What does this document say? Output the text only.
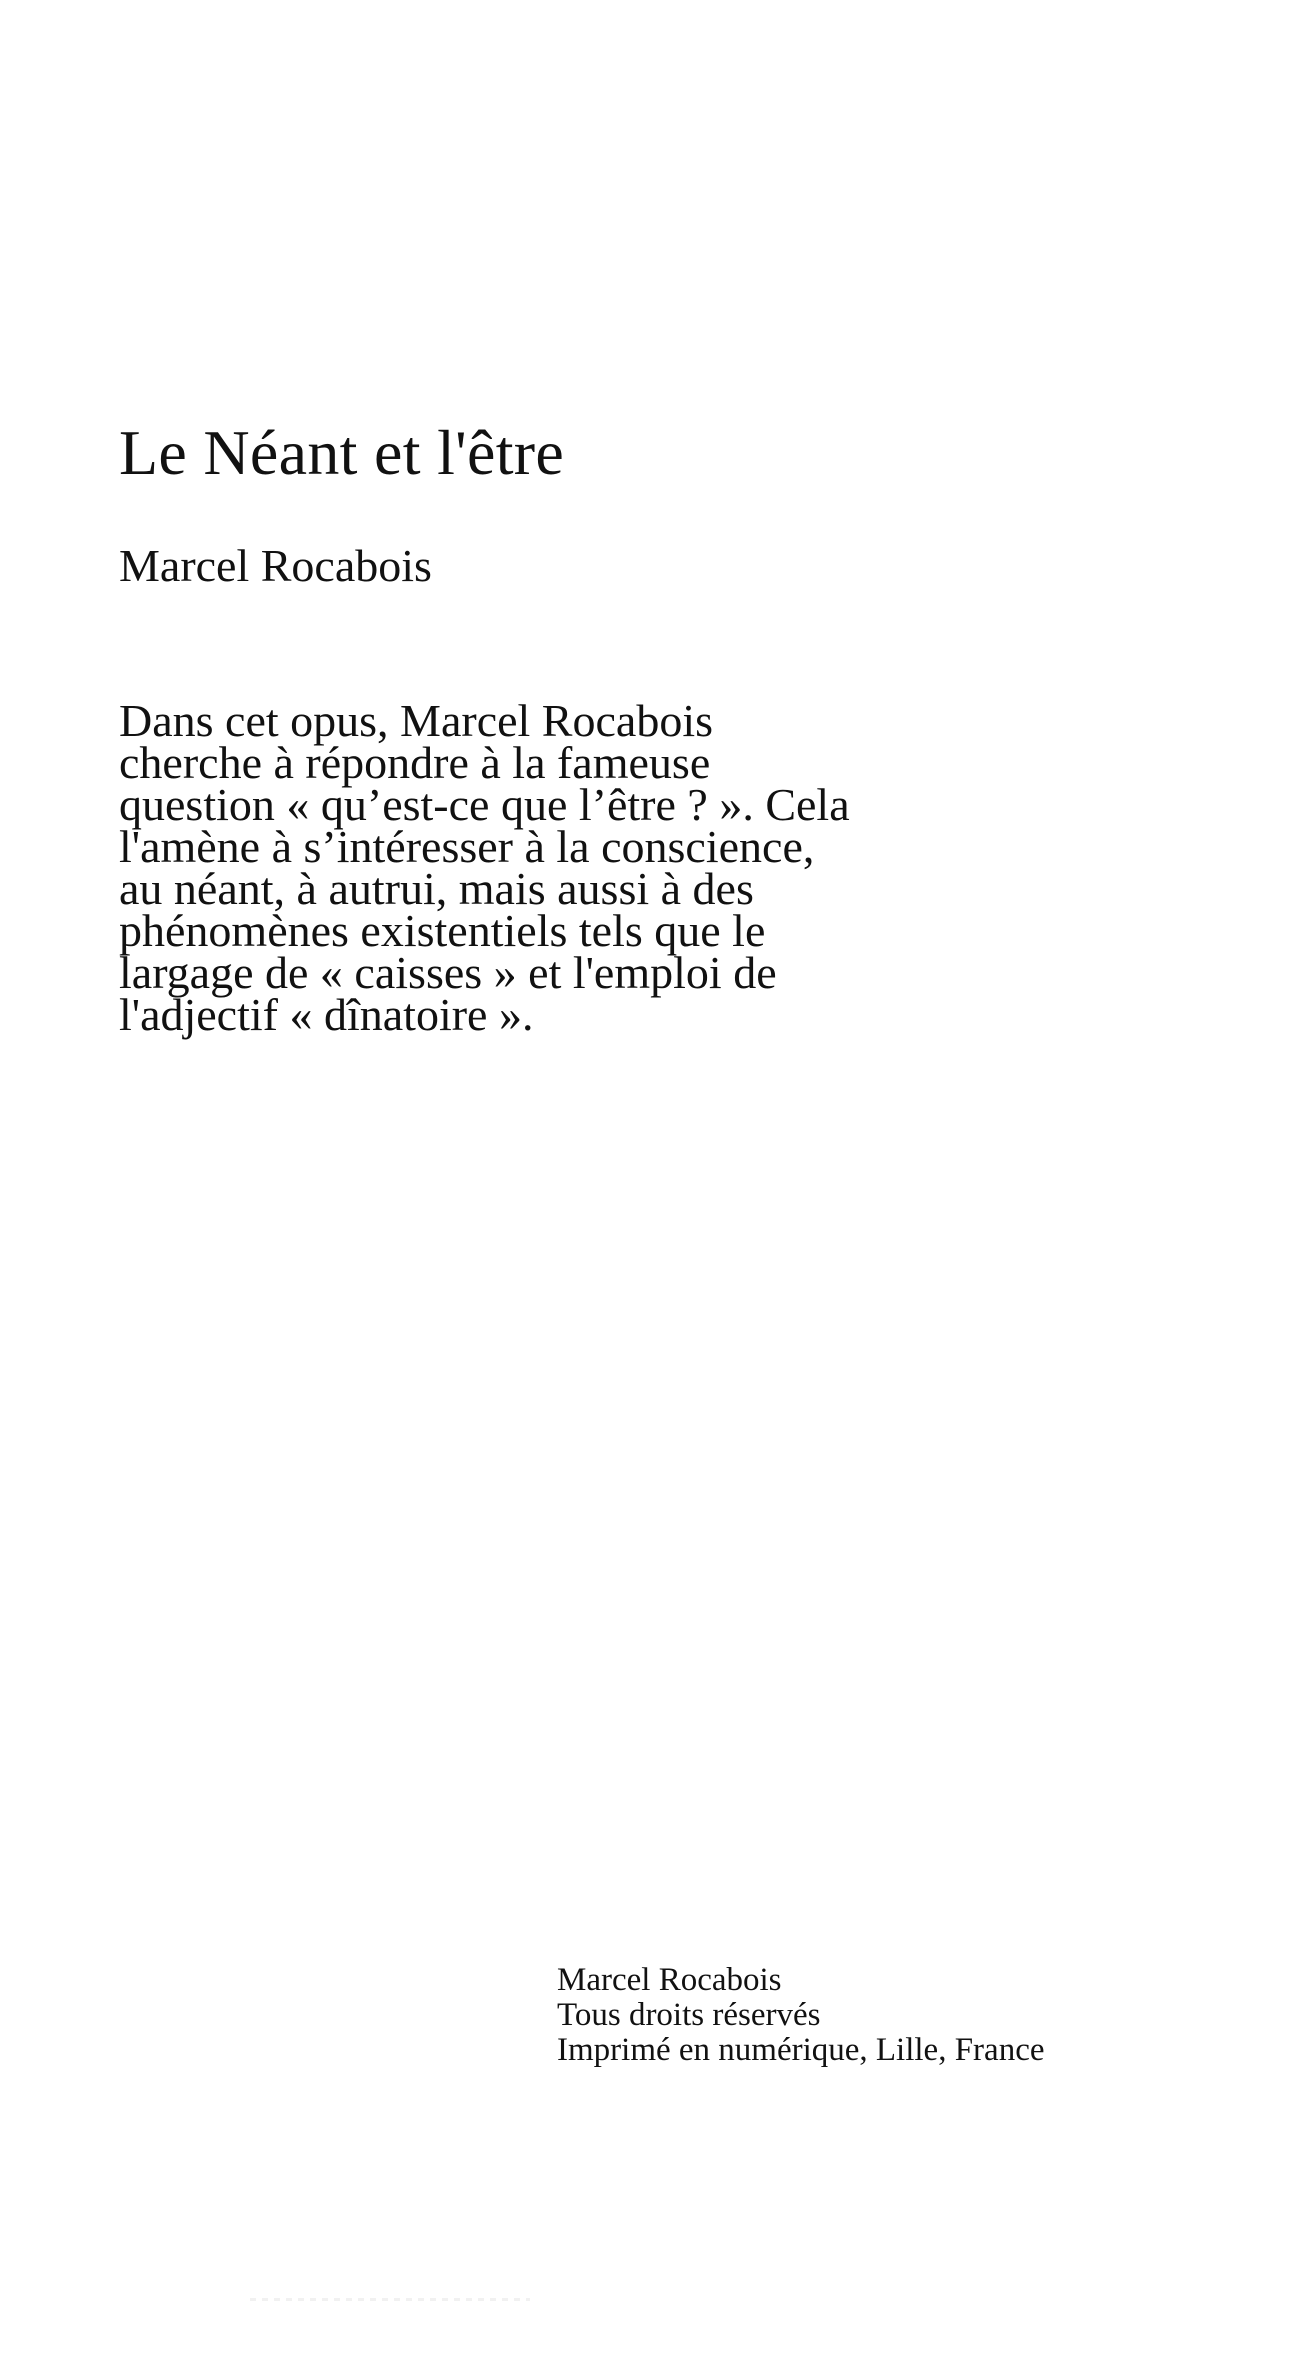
Le Néant et l'être
Marcel Rocabois

Dans cet opus, Marcel Rocabois
cherche à répondre à la fameuse
question « qu’est-ce que l’être ? ». Cela
l'amène à s’intéresser à la conscience,
au néant, à autrui, mais aussi à des
phénomènes existentiels tels que le
largage de « caisses » et l'emploi de
l'adjectif « dînatoire ».

Marcel Rocabois
Tous droits réservés
Imprimé en numérique, Lille, France
